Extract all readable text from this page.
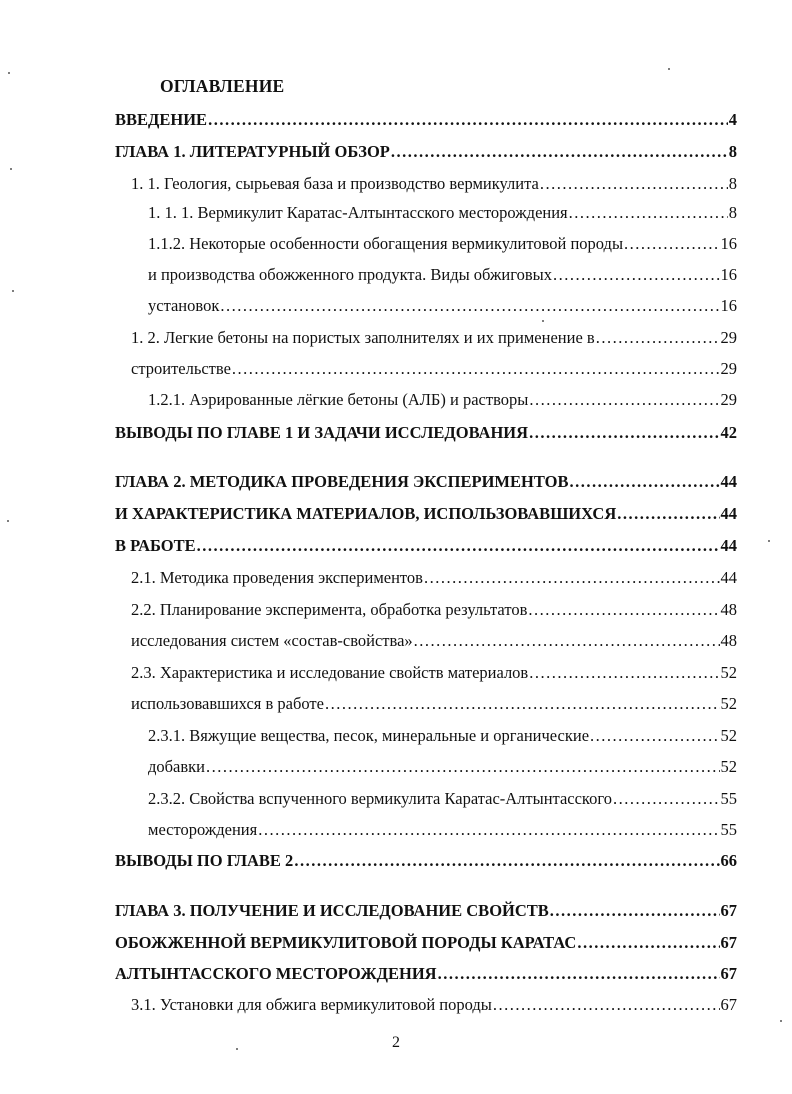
ОГЛАВЛЕНИЕ
ВВЕДЕНИЕ .....	4
ГЛАВА 1. ЛИТЕРАТУРНЫЙ ОБЗОР .....	8
1. 1. Геология, сырьевая база и производство вермикулита .....	8
1. 1. 1. Вермикулит Каратас-Алтынтасского месторождения .....	8
1.1.2. Некоторые особенности обогащения вермикулитовой породы .....	16
и производства обожженного продукта. Виды обжиговых .....	16
установок .....	16
1. 2. Легкие бетоны на пористых заполнителях и их применение в .....	29
строительстве .....	29
1.2.1. Аэрированные лёгкие бетоны (АЛБ) и растворы .....	29
ВЫВОДЫ ПО ГЛАВЕ 1 И ЗАДАЧИ ИССЛЕДОВАНИЯ .....	42
ГЛАВА 2. МЕТОДИКА ПРОВЕДЕНИЯ ЭКСПЕРИМЕНТОВ .....	44
И ХАРАКТЕРИСТИКА МАТЕРИАЛОВ, ИСПОЛЬЗОВАВШИХСЯ .....	44
В РАБОТЕ .....	44
2.1. Методика проведения экспериментов .....	44
2.2. Планирование эксперимента, обработка результатов .....	48
исследования систем «состав-свойства» .....	48
2.3. Характеристика и исследование свойств материалов .....	52
использовавшихся в работе .....	52
2.3.1. Вяжущие вещества, песок, минеральные и органические .....	52
добавки .....	52
2.3.2. Свойства вспученного вермикулита Каратас-Алтынтасского .....	55
месторождения .....	55
ВЫВОДЫ ПО ГЛАВЕ 2 .....	66
ГЛАВА 3. ПОЛУЧЕНИЕ И ИССЛЕДОВАНИЕ СВОЙСТВ .....	67
ОБОЖЖЕННОЙ ВЕРМИКУЛИТОВОЙ ПОРОДЫ КАРАТАС .....	67
АЛТЫНТАССКОГО МЕСТОРОЖДЕНИЯ .....	67
3.1. Установки для обжига вермикулитовой породы .....	67
2
